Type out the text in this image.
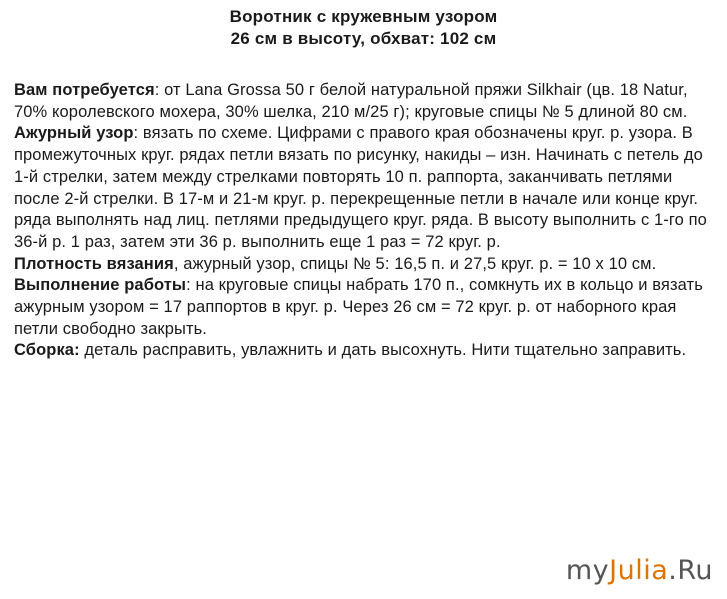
Воротник с кружевным узором
26 см в высоту, обхват: 102 см

Вам потребуется: от Lana Grossa 50 г белой натуральной пряжи Silkhair (цв. 18 Natur, 70% королевского мохера, 30% шелка, 210 м/25 г); круговые спицы № 5 длиной 80 см.

Ажурный узор: вязать по схеме. Цифрами с правого края обозначены круг. р. узора. В промежуточных круг. рядах петли вязать по рисунку, накиды – изн. Начинать с петель до 1-й стрелки, затем между стрелками повторять 10 п. раппорта, заканчивать петлями после 2-й стрелки. В 17-м и 21-м круг. р. перекрещенные петли в начале или конце круг. ряда выполнять над лиц. петлями предыдущего круг. ряда. В высоту выполнить с 1-го по 36-й р. 1 раз, затем эти 36 р. выполнить еще 1 раз = 72 круг. р.

Плотность вязания, ажурный узор, спицы № 5: 16,5 п. и 27,5 круг. р. = 10 х 10 см.

Выполнение работы: на круговые спицы набрать 170 п., сомкнуть их в кольцо и вязать ажурным узором = 17 раппортов в круг. р. Через 26 см = 72 круг. р. от наборного края петли свободно закрыть.

Сборка: деталь расправить, увлажнить и дать высохнуть. Нити тщательно заправить.

myJulia.Ru
